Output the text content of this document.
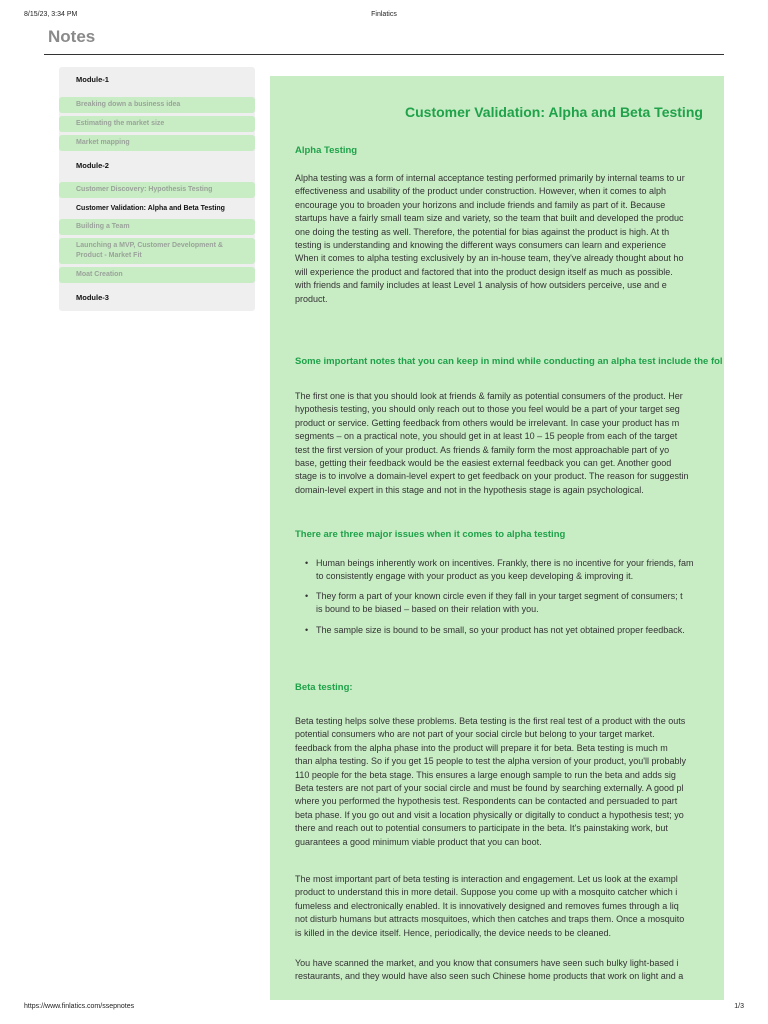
8/15/23, 3:34 PM	Finlatics
Notes
Module-1
Breaking down a business idea
Estimating the market size
Market mapping
Module-2
Customer Discovery: Hypothesis Testing
Customer Validation: Alpha and Beta Testing
Building a Team
Launching a MVP, Customer Development & Product - Market Fit
Moat Creation
Module-3
Customer Validation: Alpha and Beta Testing
Alpha Testing
Alpha testing was a form of internal acceptance testing performed primarily by internal teams to ur
effectiveness and usability of the product under construction. However, when it comes to alph
encourage you to broaden your horizons and include friends and family as part of it. Because
startups have a fairly small team size and variety, so the team that built and developed the produc
one doing the testing as well. Therefore, the potential for bias against the product is high. At th
testing is understanding and knowing the different ways consumers can learn and experience
When it comes to alpha testing exclusively by an in-house team, they've already thought about ho
will experience the product and factored that into the product design itself as much as possible.
with friends and family includes at least Level 1 analysis of how outsiders perceive, use and e
product.
Some important notes that you can keep in mind while conducting an alpha test include the fol
The first one is that you should look at friends & family as potential consumers of the product. Her
hypothesis testing, you should only reach out to those you feel would be a part of your target seg
product or service. Getting feedback from others would be irrelevant. In case your product has m
segments – on a practical note, you should get in at least 10 – 15 people from each of the target
test the first version of your product. As friends & family form the most approachable part of yo
base, getting their feedback would be the easiest external feedback you can get. Another good
stage is to involve a domain-level expert to get feedback on your product. The reason for suggestin
domain-level expert in this stage and not in the hypothesis stage is again psychological.
There are three major issues when it comes to alpha testing
• Human beings inherently work on incentives. Frankly, there is no incentive for your friends, fam
to consistently engage with your product as you keep developing & improving it.
• They form a part of your known circle even if they fall in your target segment of consumers; t
is bound to be biased – based on their relation with you.
• The sample size is bound to be small, so your product has not yet obtained proper feedback.
Beta testing:
Beta testing helps solve these problems. Beta testing is the first real test of a product with the outs
potential consumers who are not part of your social circle but belong to your target market.
feedback from the alpha phase into the product will prepare it for beta. Beta testing is much m
than alpha testing. So if you get 15 people to test the alpha version of your product, you'll probably
110 people for the beta stage. This ensures a large enough sample to run the beta and adds sig
Beta testers are not part of your social circle and must be found by searching externally. A good pl
where you performed the hypothesis test. Respondents can be contacted and persuaded to part
beta phase. If you go out and visit a location physically or digitally to conduct a hypothesis test; yo
there and reach out to potential consumers to participate in the beta. It's painstaking work, but
guarantees a good minimum viable product that you can boot.
The most important part of beta testing is interaction and engagement. Let us look at the exampl
product to understand this in more detail. Suppose you come up with a mosquito catcher which i
fumeless and electronically enabled. It is innovatively designed and removes fumes through a liq
not disturb humans but attracts mosquitoes, which then catches and traps them. Once a mosquito
is killed in the device itself. Hence, periodically, the device needs to be cleaned.
You have scanned the market, and you know that consumers have seen such bulky light-based i
restaurants, and they would have also seen such Chinese home products that work on light and a
https://www.finlatics.com/ssepnotes	1/3
